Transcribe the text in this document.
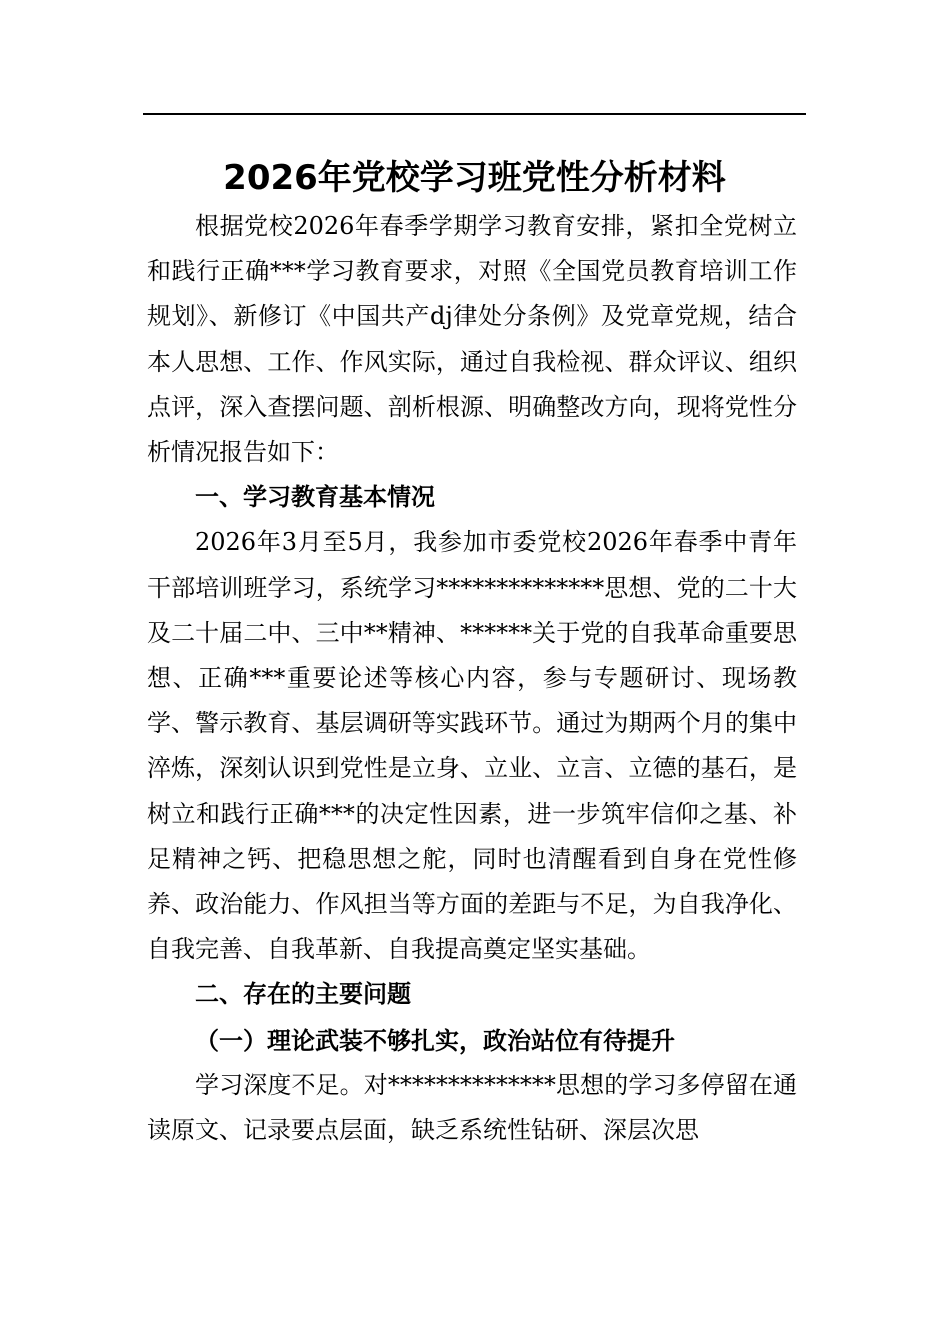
2026年党校学习班党性分析材料

根据党校2026年春季学期学习教育安排，紧扣全党树立和践行正确***学习教育要求，对照《全国党员教育培训工作规划》、新修订《中国共产dj律处分条例》及党章党规，结合本人思想、工作、作风实际，通过自我检视、群众评议、组织点评，深入查摆问题、剖析根源、明确整改方向，现将党性分析情况报告如下：

一、学习教育基本情况

2026年3月至5月，我参加市委党校2026年春季中青年干部培训班学习，系统学习**************思想、党的二十大及二十届二中、三中**精神、******关于党的自我革命重要思想、正确***重要论述等核心内容，参与专题研讨、现场教学、警示教育、基层调研等实践环节。通过为期两个月的集中淬炼，深刻认识到党性是立身、立业、立言、立德的基石，是树立和践行正确***的决定性因素，进一步筑牢信仰之基、补足精神之钙、把稳思想之舵，同时也清醒看到自身在党性修养、政治能力、作风担当等方面的差距与不足，为自我净化、自我完善、自我革新、自我提高奠定坚实基础。

二、存在的主要问题

（一）理论武装不够扎实，政治站位有待提升

学习深度不足。对**************思想的学习多停留在通读原文、记录要点层面，缺乏系统性钻研、深层次思
